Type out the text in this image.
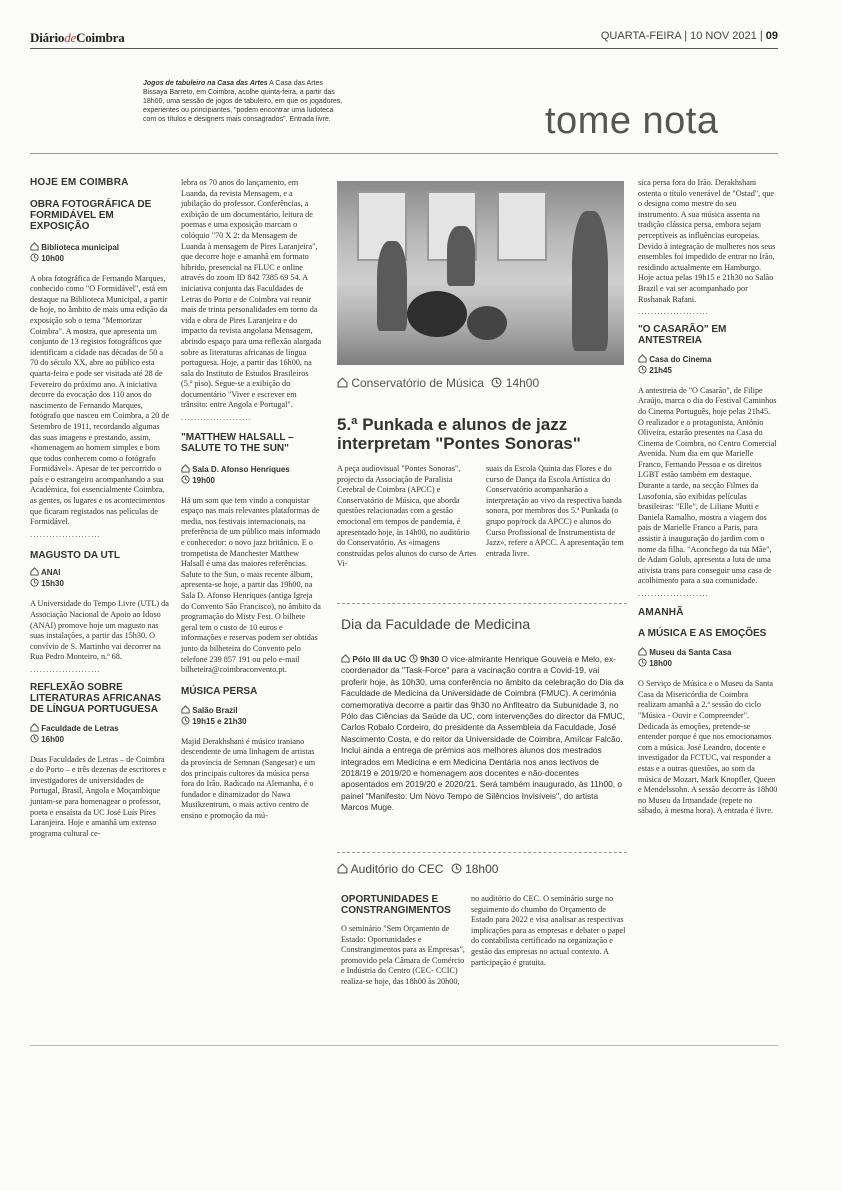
DiáriodeCoimbra	QUARTA-FEIRA | 10 NOV 2021 | 09
Jogos de tabuleiro na Casa das Artes A Casa das Artes Bissaya Barreto, em Coimbra, acolhe quinta-feira, a partir das 18h00, uma sessão de jogos de tabuleiro, em que os jogadores, experientes ou principiantes, "podem encontrar uma ludoteca com os títulos e designers mais consagrados". Entrada livre.	tome nota
HOJE EM COIMBRA
OBRA FOTOGRÁFICA DE FORMIDÁVEL EM EXPOSIÇÃO
Biblioteca municipal
10h00

A obra fotográfica de Fernando Marques, conhecido como "O Formidável", está em destaque na Biblioteca Municipal, a partir de hoje, no âmbito de mais uma edição da exposição sob o tema "Memorizar Coimbra". A mostra, que apresenta um conjunto de 13 registos fotográficos que identificam a cidade nas décadas de 50 a 70 do século XX, abre ao público esta quarta-feira e pode ser visitada até 28 de Fevereiro do próximo ano. A iniciativa decorre da evocação dos 110 anos do nascimento de Fernando Marques, fotógrafo que nasceu em Coimbra, a 20 de Setembro de 1911, recordando algumas das suas imagens e prestando, assim, «homenagem ao homem simples e bom que todos conhecem como o fotógrafo Formidável». Apesar de ter percorrido o país e o estrangeiro acompanhando a sua Académica, foi essencialmente Coimbra, as gentes, os lugares e os acontecimentos que ficaram registados nas películas de Formidável.

......................
MAGUSTO DA UTL
ANAI
15h30

A Universidade do Tempo Livre (UTL) da Associação Nacional de Apoio ao Idoso (ANAI) promove hoje um magusto nas suas instalações, a partir das 15h30. O convívio de S. Martinho vai decorrer na Rua Pedro Monteiro, n.º 68.

......................
REFLEXÃO SOBRE LITERATURAS AFRICANAS DE LÍNGUA PORTUGUESA
Faculdade de Letras
16h00

Duas Faculdades de Letras – de Coimbra e do Porto – e três dezenas de escritores e investigadores de universidades de Portugal, Brasil, Angola e Moçambique juntam-se para homenagear o professor, poeta e ensaísta da UC José Luís Pires Laranjeira. Hoje e amanhã um extenso programa cultural ce-

lebra os 70 anos do lançamento, em Luanda, da revista Mensagem, e a jubilação do professor. Conferências, a exibição de um documentário, leitura de poemas e uma exposição marcam o colóquio "70 X 2: da Mensagem de Luanda à mensagem de Pires Laranjeira", que decorre hoje e amanhã em formato híbrido, presencial na FLUC e online através do zoom ID 842 7385 69 54. A iniciativa conjunta das Faculdades de Letras do Porto e de Coimbra vai reunir mais de trinta personalidades em torno da vida e obra de Pires Laranjeira e do impacto da revista angolana Mensagem, abrindo espaço para uma reflexão alargada sobre as literaturas africanas de língua portuguesa. Hoje, a partir das 16h00, na sala do Instituto de Estudos Brasileiros (5.º piso). Segue-se a exibição do documentário "Viver e escrever em trânsito: entre Angola e Portugal".

......................
"MATTHEW HALSALL – SALUTE TO THE SUN"
Sala D. Afonso Henriques
19h00

Há um som que tem vindo a conquistar espaço nas mais relevantes plataformas de media, nos festivais internacionais, na preferência de um público mais informado e conhecedor: o novo jazz britânico. E o trompetista de Manchester Matthew Halsall é uma das maiores referências. Salute to the Sun, o mais recente álbum, apresenta-se hoje, a partir das 19h00, na Sala D. Afonso Henriques (antiga Igreja do Convento São Francisco), no âmbito da programação do Misty Fest. O bilhete geral tem o custo de 10 euros e informações e reservas podem ser obtidas junto da bilheteira do Convento pelo telefone 239 857 191 ou pelo e-mail bilheteira@coimbraconvento.pt.

MÚSICA PERSA
Salão Brazil
19h15 e 21h30

Majid Derakhshani é músico iraniano descendente de uma linhagem de artistas da província de Semnan (Sangesar) e um dos principais cultores da música persa fora do Irão. Radicado na Alemanha, é o fundador e dinamizador do Nawa Musikzentrum, o mais activo centro de ensino e promoção da mú-

Conservatório de Música 14h00
5.ª Punkada e alunos de jazz interpretam "Pontes Sonoras"

A peça audiovisual "Pontes Sonoras", projecto da Associação de Paralisia Cerebral de Coimbra (APCC) e Conservatório de Música, que aborda questões relacionadas com a gestão emocional em tempos de pandemia, é apresentado hoje, às 14h00, no auditório do Conservatório. As «imagens construídas pelos alunos do curso de Artes Vi-

suais da Escola Quinta das Flores e do curso de Dança da Escola Artística do Conservatório acompanharão a interpretação ao vivo da respectiva banda sonora, por membros dos 5.ª Punkada (o grupo pop/rock da APCC) e alunos do Curso Profissional de Instrumentista de Jazz», refere a APCC. A apresentação tem entrada livre.

Dia da Faculdade de Medicina
Pólo III da UC 9h30 O vice-almirante Henrique Gouveia e Melo, ex-coordenador da "Task-Force" para a vacinação contra a Covid-19, vai proferir hoje, às 10h30, uma conferência no âmbito da celebração do Dia da Faculdade de Medicina da Universidade de Coimbra (FMUC). A cerimónia comemorativa decorre a partir das 9h30 no Anfiteatro da Subunidade 3, no Pólo das Ciências da Saúde da UC, com intervenções do director da FMUC, Carlos Robalo Cordeiro, do presidente da Assembleia da Faculdade, José Nascimento Costa, e do reitor da Universidade de Coimbra, Amílcar Falcão. Inclui ainda a entrega de prémios aos melhores alunos dos mestrados integrados em Medicina e em Medicina Dentária nos anos lectivos de 2018/19 e 2019/20 e homenagem aos docentes e não-docentes aposentados em 2019/20 e 2020/21. Será também inaugurado, às 11h00, o painel "Manifesto: Um Novo Tempo de Silêncios Invisíveis", do artista Marcos Muge.
Auditório do CEC 18h00
OPORTUNIDADES E CONSTRANGIMENTOS

O seminário "Sem Orçamento de Estado: Oportunidades e Constrangimentos para as Empresas", promovido pela Câmara de Comércio e Indústria do Centro (CEC- CCIC) realiza-se hoje, das 18h00 às 20h00,

no auditório do CEC. O seminário surge no seguimento do chumbo do Orçamento de Estado para 2022 e visa analisar as respectivas implicações para as empresas e debater o papel do contabilista certificado na organização e gestão das empresas no actual contexto. A participação é gratuita.

sica persa fora do Irão. Derakhshani ostenta o título venerável de "Ostad", que o designa como mestre do seu instrumento. A sua música assenta na tradição clássica persa, embora sejam perceptíveis as influências europeias. Devido à integração de mulheres nos seus ensembles foi impedido de entrar no Irão, residindo actualmente em Hamburgo. Hoje actua pelas 19h15 e 21h30 no Salão Brazil e vai ser acompanhado por Roshanak Rafani.

......................
"O CASARÃO" EM ANTESTREIA
Casa do Cinema
21h45

A antestreia de "O Casarão", de Filipe Araújo, marca o dia do Festival Caminhos do Cinema Português, hoje pelas 21h45. O realizador e o protagonista, António Oliveira, estarão presentes na Casa do Cinema de Coimbra, no Centro Comercial Avenida. Num dia em que Marielle Franco, Fernando Pessoa e os direitos LGBT estão também em destaque. Durante a tarde, na secção Filmes da Lusofonia, são exibidas películas brasileiras: "Elle", de Liliane Mutti e Daniela Ramalho, mostra a viagem dos pais de Marielle Franco a Paris, para assistir à inauguração do jardim com o nome da filha. "Aconchego da tua Mãe", de Adam Golub, apresenta a luta de uma ativista trans para conseguir uma casa de acolhimento para a sua comunidade.

......................
AMANHÃ
A MÚSICA E AS EMOÇÕES
Museu da Santa Casa
18h00

O Serviço de Música e o Museu da Santa Casa da Misericórdia de Coimbra realizam amanhã a 2.ª sessão do ciclo "Música - Ouvir e Compreender". Dedicada às emoções, pretende-se entender porque é que nos emocionamos com a música. José Leandro, docente e investigador da FCTUC, vai responder a estas e a outras questões, ao som da música de Mozart, Mark Knopfler, Queen e Mendelssohn. A sessão decorre às 18h00 no Museu da Irmandade (repete no sábado, à mesma hora). A entrada é livre.
